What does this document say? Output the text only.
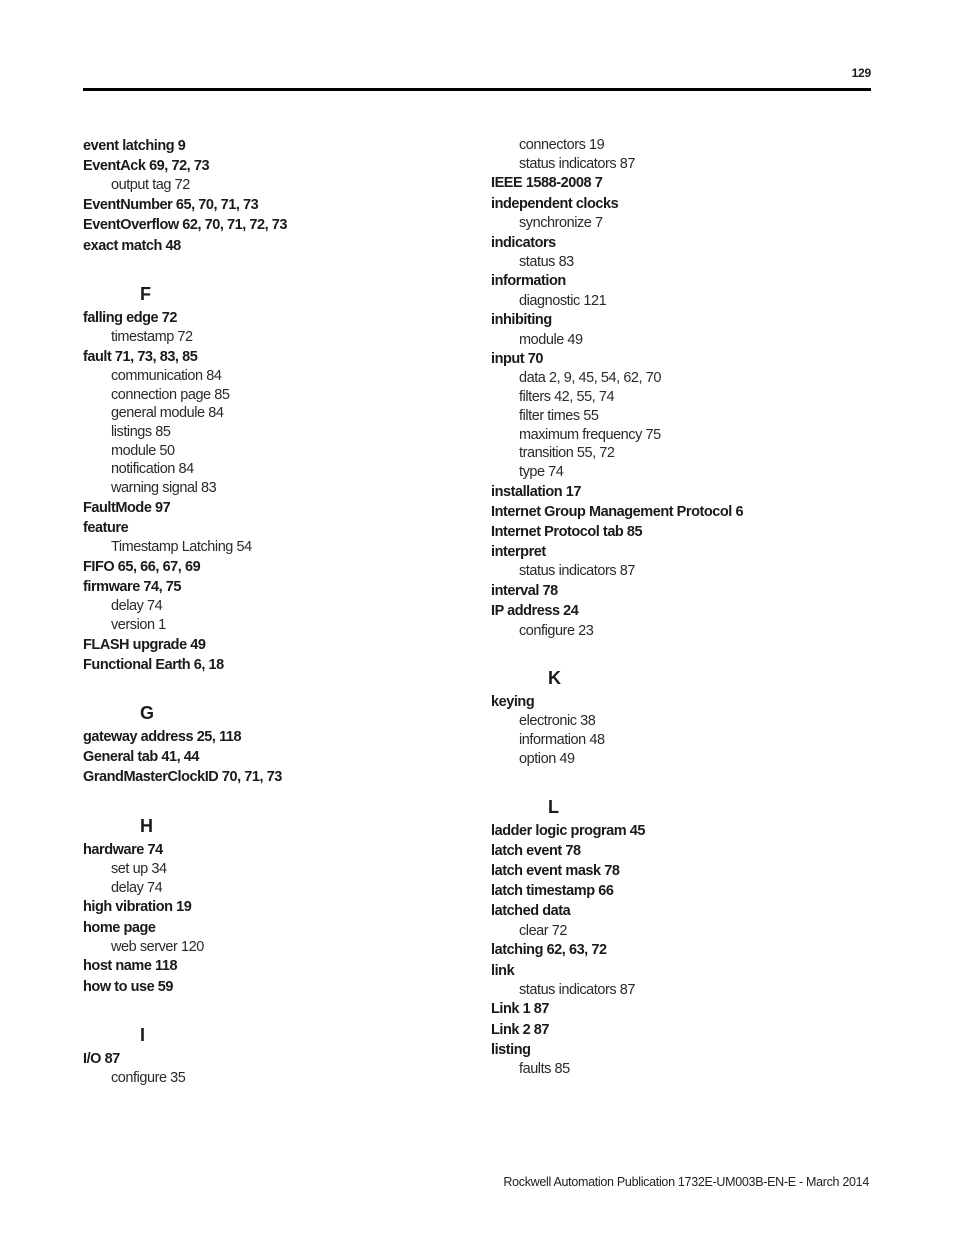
129
event latching 9
EventAck 69, 72, 73
output tag 72
EventNumber 65, 70, 71, 73
EventOverflow 62, 70, 71, 72, 73
exact match 48
F
falling edge 72
timestamp 72
fault 71, 73, 83, 85
communication 84
connection page 85
general module 84
listings 85
module 50
notification 84
warning signal 83
FaultMode 97
feature
Timestamp Latching 54
FIFO 65, 66, 67, 69
firmware 74, 75
delay 74
version 1
FLASH upgrade 49
Functional Earth 6, 18
G
gateway address 25, 118
General tab 41, 44
GrandMasterClockID 70, 71, 73
H
hardware 74
set up 34
delay 74
high vibration 19
home page
web server 120
host name 118
how to use 59
I
I/O 87
configure 35
connectors 19
status indicators 87
IEEE 1588-2008 7
independent clocks
synchronize 7
indicators
status 83
information
diagnostic 121
inhibiting
module 49
input 70
data 2, 9, 45, 54, 62, 70
filters 42, 55, 74
filter times 55
maximum frequency 75
transition 55, 72
type 74
installation 17
Internet Group Management Protocol 6
Internet Protocol tab 85
interpret
status indicators 87
interval 78
IP address 24
configure 23
K
keying
electronic 38
information 48
option 49
L
ladder logic program 45
latch event 78
latch event mask 78
latch timestamp 66
latched data
clear 72
latching 62, 63, 72
link
status indicators 87
Link 1 87
Link 2 87
listing
faults 85
Rockwell Automation Publication 1732E-UM003B-EN-E - March 2014
